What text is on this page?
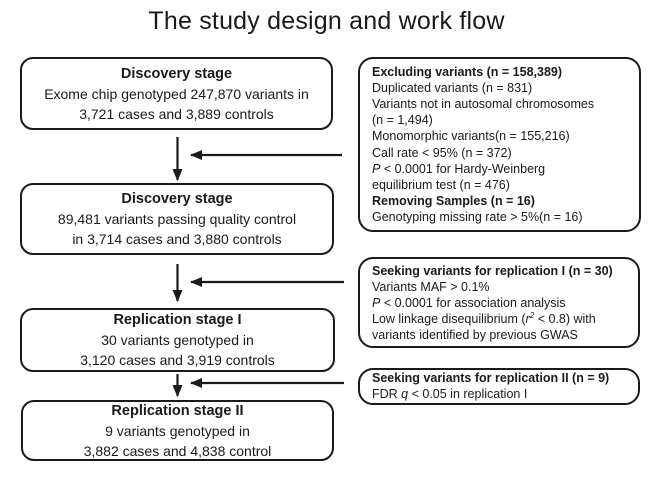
The study design and work flow
Discovery stage
Exome chip genotyped 247,870 variants in
3,721 cases and 3,889 controls
Discovery stage
89,481 variants passing quality control
in 3,714 cases and 3,880 controls
Replication stage I
30 variants genotyped in
3,120 cases and 3,919 controls
Replication stage II
9 variants genotyped in
3,882 cases and 4,838 control
Excluding variants (n = 158,389)
Duplicated variants (n = 831)
Variants not in autosomal chromosomes
(n = 1,494)
Monomorphic variants(n = 155,216)
Call rate < 95% (n = 372)
P < 0.0001 for Hardy-Weinberg
equilibrium test (n = 476)
Removing Samples (n = 16)
Genotyping missing rate > 5%(n = 16)
Seeking variants for replication I (n = 30)
Variants MAF > 0.1%
P < 0.0001 for association analysis
Low linkage disequilibrium $(r^2 < 0.8)$ with
variants identified by previous GWAS
Seeking variants for replication II (n = 9)
FDR q < 0.05 in replication I
